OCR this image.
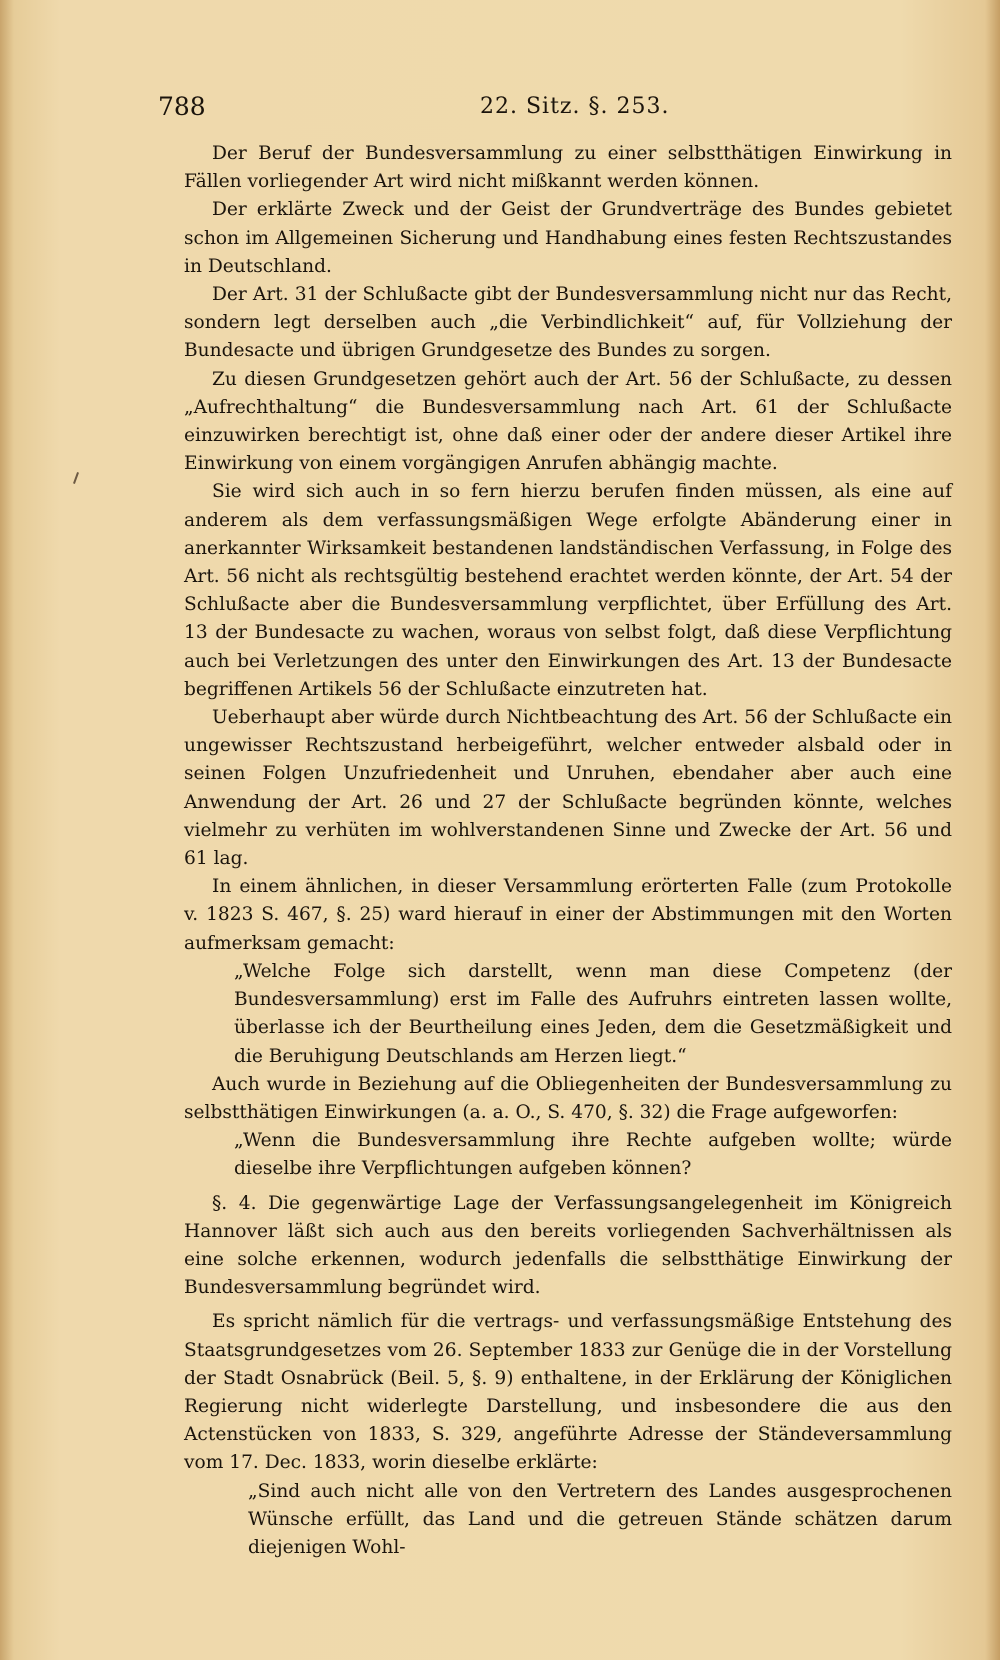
788	22. Sitz. §. 253.

Der Beruf der Bundesversammlung zu einer selbstthätigen Einwirkung in Fällen vorliegender Art wird nicht mißkannt werden können.

Der erklärte Zweck und der Geist der Grundverträge des Bundes gebietet schon im Allgemeinen Sicherung und Handhabung eines festen Rechtszustandes in Deutschland.

Der Art. 31 der Schlußacte gibt der Bundesversammlung nicht nur das Recht, sondern legt derselben auch „die Verbindlichkeit“ auf, für Vollziehung der Bundesacte und übrigen Grundgesetze des Bundes zu sorgen.

Zu diesen Grundgesetzen gehört auch der Art. 56 der Schlußacte, zu dessen „Aufrechthaltung“ die Bundesversammlung nach Art. 61 der Schlußacte einzuwirken berechtigt ist, ohne daß einer oder der andere dieser Artikel ihre Einwirkung von einem vorgängigen Anrufen abhängig machte.

Sie wird sich auch in so fern hierzu berufen finden müssen, als eine auf anderem als dem verfassungsmäßigen Wege erfolgte Abänderung einer in anerkannter Wirksamkeit bestandenen landständischen Verfassung, in Folge des Art. 56 nicht als rechtsgültig bestehend erachtet werden könnte, der Art. 54 der Schlußacte aber die Bundesversammlung verpflichtet, über Erfüllung des Art. 13 der Bundesacte zu wachen, woraus von selbst folgt, daß diese Verpflichtung auch bei Verletzungen des unter den Einwirkungen des Art. 13 der Bundesacte begriffenen Artikels 56 der Schlußacte einzutreten hat.

Ueberhaupt aber würde durch Nichtbeachtung des Art. 56 der Schlußacte ein ungewisser Rechtszustand herbeigeführt, welcher entweder alsbald oder in seinen Folgen Unzufriedenheit und Unruhen, ebendaher aber auch eine Anwendung der Art. 26 und 27 der Schlußacte begründen könnte, welches vielmehr zu verhüten im wohlverstandenen Sinne und Zwecke der Art. 56 und 61 lag.

In einem ähnlichen, in dieser Versammlung erörterten Falle (zum Protokolle v. 1823 S. 467, §. 25) ward hierauf in einer der Abstimmungen mit den Worten aufmerksam gemacht:

„Welche Folge sich darstellt, wenn man diese Competenz (der Bundesversammlung) erst im Falle des Aufruhrs eintreten lassen wollte, überlasse ich der Beurtheilung eines Jeden, dem die Gesetzmäßigkeit und die Beruhigung Deutschlands am Herzen liegt.“

Auch wurde in Beziehung auf die Obliegenheiten der Bundesversammlung zu selbstthätigen Einwirkungen (a. a. O., S. 470, §. 32) die Frage aufgeworfen:

„Wenn die Bundesversammlung ihre Rechte aufgeben wollte; würde dieselbe ihre Verpflichtungen aufgeben können?

§. 4. Die gegenwärtige Lage der Verfassungsangelegenheit im Königreich Hannover läßt sich auch aus den bereits vorliegenden Sachverhältnissen als eine solche erkennen, wodurch jedenfalls die selbstthätige Einwirkung der Bundesversammlung begründet wird.

Es spricht nämlich für die vertrags- und verfassungsmäßige Entstehung des Staatsgrundgesetzes vom 26. September 1833 zur Genüge die in der Vorstellung der Stadt Osnabrück (Beil. 5, §. 9) enthaltene, in der Erklärung der Königlichen Regierung nicht widerlegte Darstellung, und insbesondere die aus den Actenstücken von 1833, S. 329, angeführte Adresse der Ständeversammlung vom 17. Dec. 1833, worin dieselbe erklärte:

„Sind auch nicht alle von den Vertretern des Landes ausgesprochenen Wünsche erfüllt, das Land und die getreuen Stände schätzen darum diejenigen Wohl-
